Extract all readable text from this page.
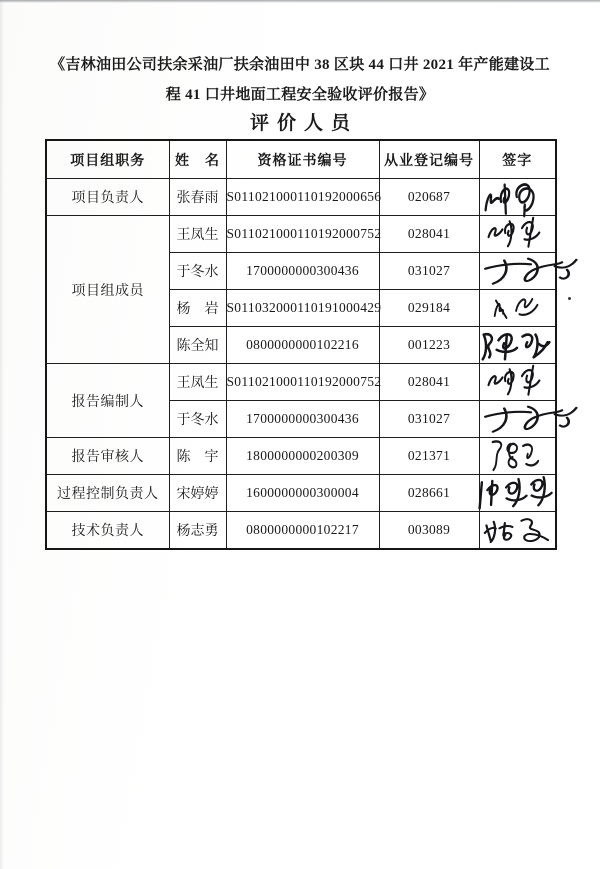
《吉林油田公司扶余采油厂扶余油田中 38 区块 44 口井 2021 年产能建设工
程 41 口井地面工程安全验收评价报告》
评价人员
项目组职务	姓　名	资格证书编号	从业登记编号	签字
项目负责人	张春雨	S011021000110192000656	020687	

项目组成员	王凤生	S011021000110192000752	028041	

	于冬水	1700000000300436	031027	

	杨　岩	S011032000110191000429	029184	

	陈全知	0800000000102216	001223	

报告编制人	王凤生	S011021000110192000752	028041	

	于冬水	1700000000300436	031027	

报告审核人	陈　宇	1800000000200309	021371	

过程控制负责人	宋婷婷	1600000000300004	028661	

技术负责人	杨志勇	0800000000102217	003089	
